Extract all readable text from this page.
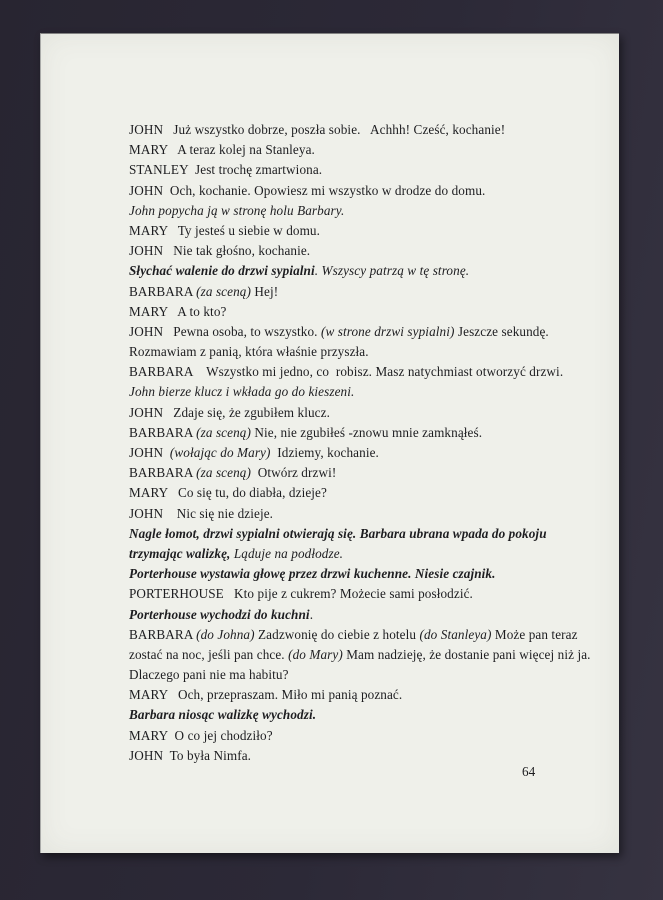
JOHN   Już wszystko dobrze, poszła sobie.   Achhh! Cześć, kochanie!
MARY   A teraz kolej na Stanleya.
STANLEY  Jest trochę zmartwiona.
JOHN  Och, kochanie. Opowiesz mi wszystko w drodze do domu.
John popycha ją w stronę holu Barbary.
MARY   Ty jesteś u siebie w domu.
JOHN   Nie tak głośno, kochanie.
Słychać walenie do drzwi sypialni. Wszyscy patrzą w tę stronę.
BARBARA (za sceną) Hej!
MARY   A to kto?
JOHN   Pewna osoba, to wszystko. (w strone drzwi sypialni) Jeszcze sekundę.
Rozmawiam z panią, która właśnie przyszła.
BARBARA    Wszystko mi jedno, co  robisz. Masz natychmiast otworzyć drzwi.
John bierze klucz i wkłada go do kieszeni.
JOHN   Zdaje się, że zgubiłem klucz.
BARBARA (za sceną) Nie, nie zgubiłeś -znowu mnie zamknąłeś.
JOHN  (wołając do Mary)  Idziemy, kochanie.
BARBARA (za sceną)  Otwórz drzwi!
MARY   Co się tu, do diabła, dzieje?
JOHN    Nic się nie dzieje.
Nagle łomot, drzwi sypialni otwierają się. Barbara ubrana wpada do pokoju
trzymając walizkę, Ląduje na podłodze.
Porterhouse wystawia głowę przez drzwi kuchenne. Niesie czajnik.
PORTERHOUSE   Kto pije z cukrem? Możecie sami posłodzić.
Porterhouse wychodzi do kuchni.
BARBARA (do Johna) Zadzwonię do ciebie z hotelu (do Stanleya) Może pan teraz
zostać na noc, jeśli pan chce. (do Mary) Mam nadzieję, że dostanie pani więcej niż ja.
Dlaczego pani nie ma habitu?
MARY   Och, przepraszam. Miło mi panią poznać.
Barbara niosąc walizkę wychodzi.
MARY  O co jej chodziło?
JOHN  To była Nimfa.
64
